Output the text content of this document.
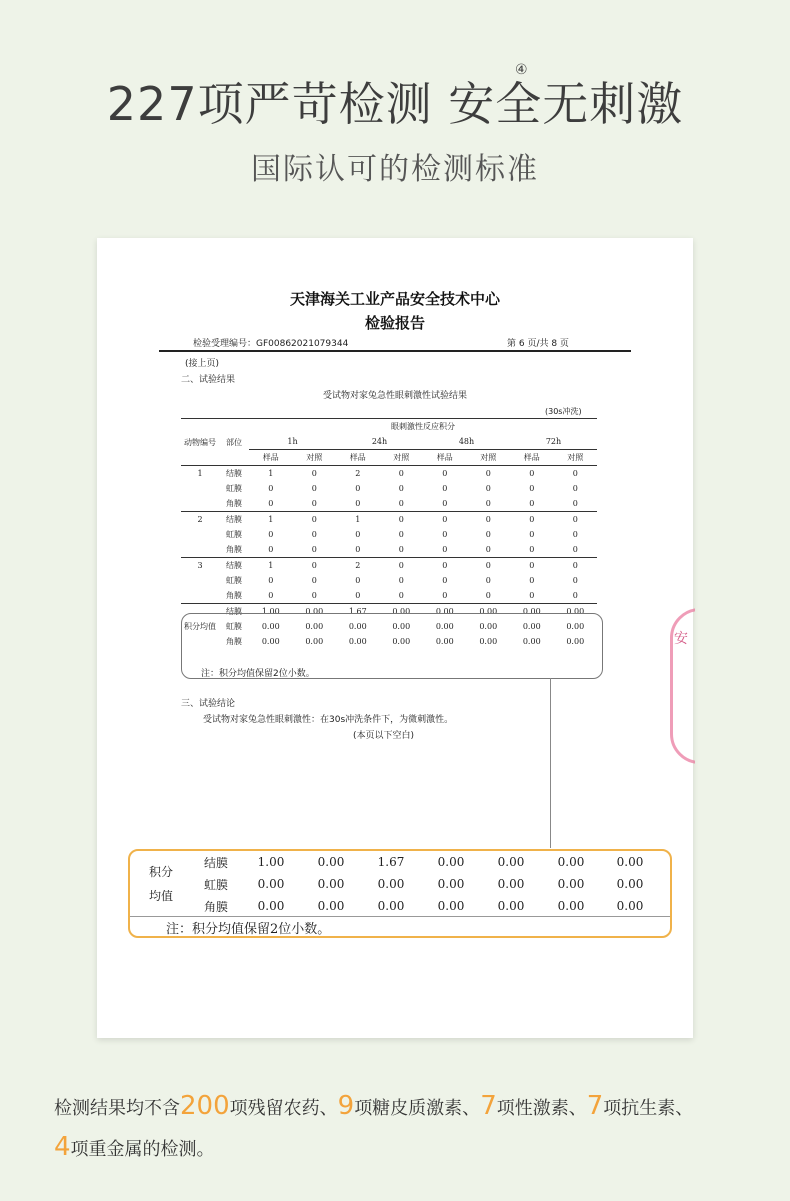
227项严苛检测 安全无刺激
④
国际认可的检测标准
天津海关工业产品安全技术中心
检验报告
检验受理编号：GF00862021079344	第 6 页/共 8 页
(接上页)
二、试验结果
受试物对家兔急性眼刺激性试验结果
(30s冲洗)
动物编号	部位	眼刺激性反应积分							
		1h		24h		48h		72h	
		样品	对照	样品	对照	样品	对照	样品	对照
1	结膜	1	0	2	0	0	0	0	0
	虹膜	0	0	0	0	0	0	0	0
	角膜	0	0	0	0	0	0	0	0
2	结膜	1	0	1	0	0	0	0	0
	虹膜	0	0	0	0	0	0	0	0
	角膜	0	0	0	0	0	0	0	0
3	结膜	1	0	2	0	0	0	0	0
	虹膜	0	0	0	0	0	0	0	0
	角膜	0	0	0	0	0	0	0	0
积分均值	结膜	1.00	0.00	1.67	0.00	0.00	0.00	0.00	0.00
	虹膜	0.00	0.00	0.00	0.00	0.00	0.00	0.00	0.00
	角膜	0.00	0.00	0.00	0.00	0.00	0.00	0.00	0.00
注：积分均值保留2位小数。
三、试验结论
受试物对家兔急性眼刺激性：在30s冲洗条件下，为微刺激性。
(本页以下空白)
安
积分
均值	结膜	1.00	0.00	1.67	0.00	0.00	0.00	0.00
	虹膜	0.00	0.00	0.00	0.00	0.00	0.00	0.00
	角膜	0.00	0.00	0.00	0.00	0.00	0.00	0.00
注：积分均值保留2位小数。
检测结果均不含200项残留农药、9项糖皮质激素、7项性激素、7项抗生素、
4项重金属的检测。
